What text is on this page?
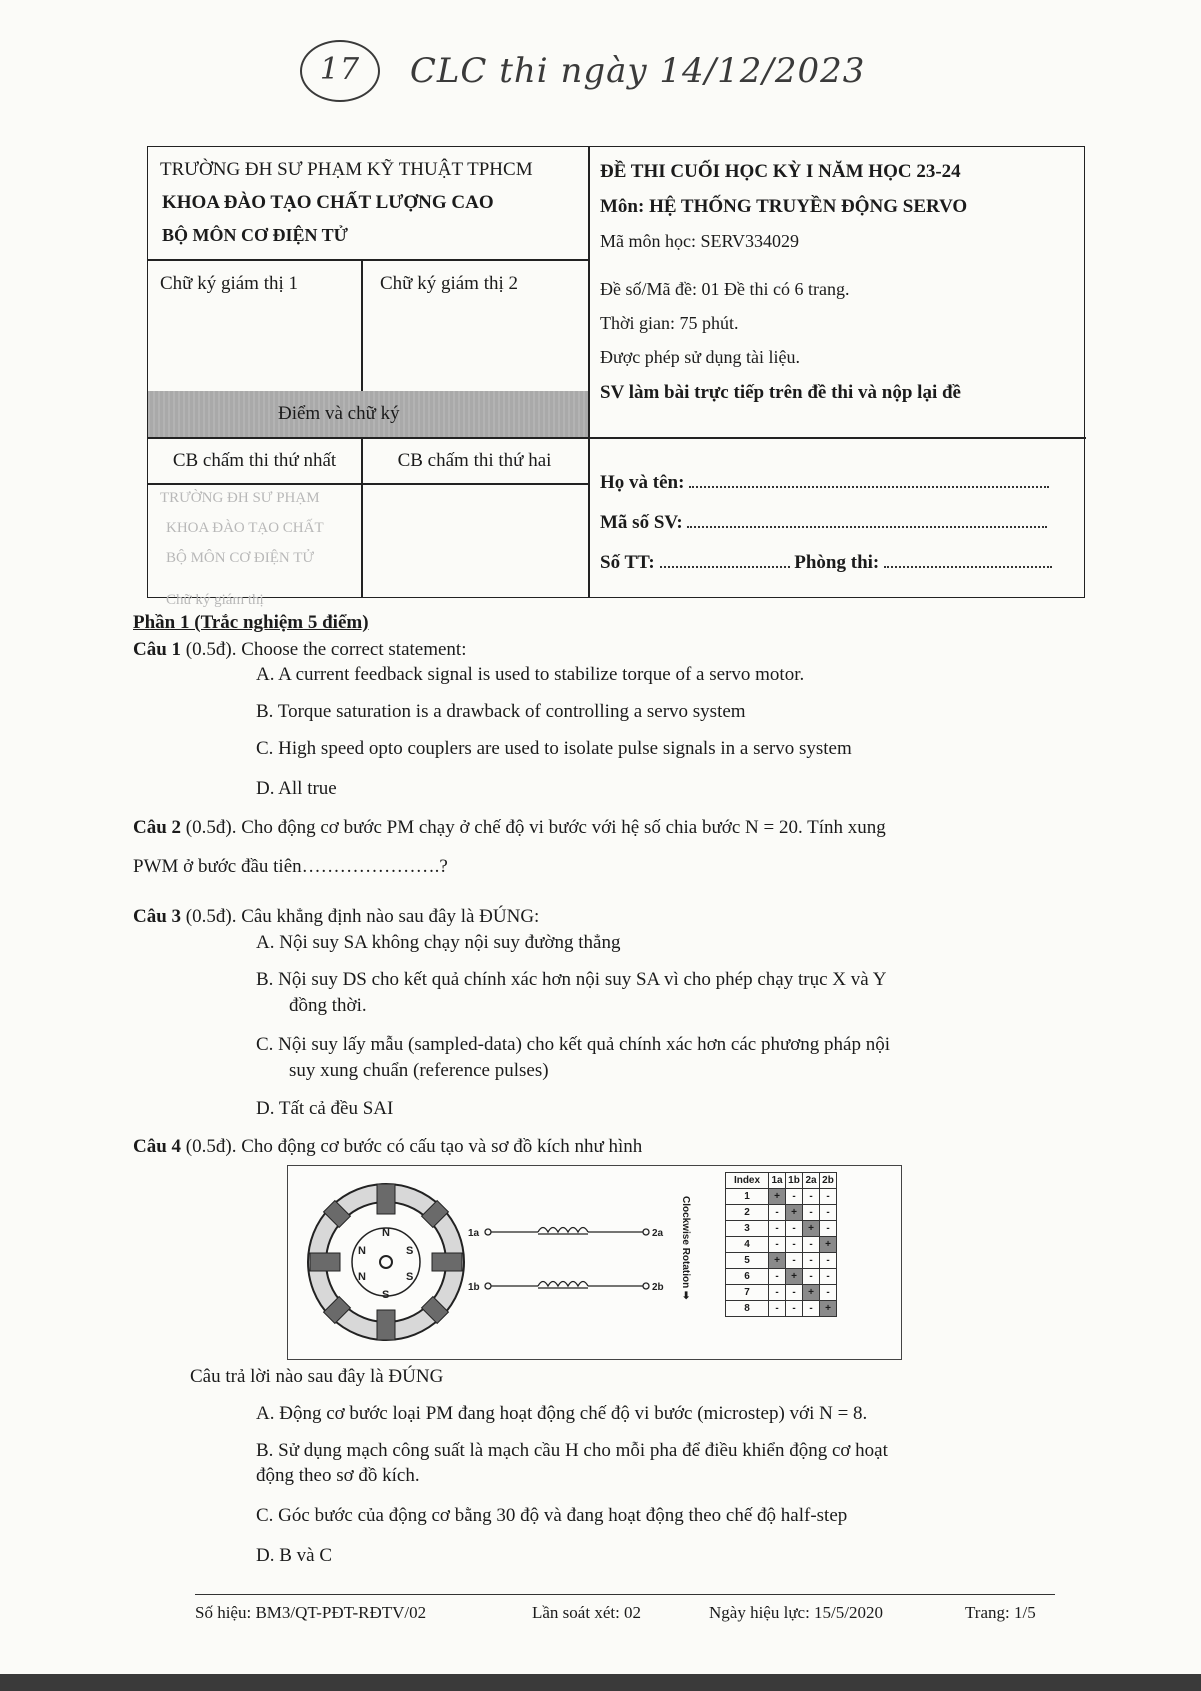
17 CLC thi ngày 14/12/2023
TRƯỜNG ĐH SƯ PHẠM KỸ THUẬT TPHCM
KHOA ĐÀO TẠO CHẤT LƯỢNG CAO
BỘ MÔN CƠ ĐIỆN TỬ
Chữ ký giám thị 1	Chữ ký giám thị 2
Điểm và chữ ký
CB chấm thi thứ nhất	CB chấm thi thứ hai
TRƯỜNG ĐH SƯ PHẠM
KHOA ĐÀO TẠO CHẤT
BỘ MÔN CƠ ĐIỆN TỬ
Chữ ký giám thị
ĐỀ THI CUỐI HỌC KỲ I NĂM HỌC 23-24
Môn: HỆ THỐNG TRUYỀN ĐỘNG SERVO
Mã môn học: SERV334029
Đề số/Mã đề: 01 Đề thi có 6 trang.
Thời gian: 75 phút.
Được phép sử dụng tài liệu.
SV làm bài trực tiếp trên đề thi và nộp lại đề
Họ và tên:
Mã số SV:
Số TT:	Phòng thi:
Phần 1 (Trắc nghiệm 5 điểm)
Câu 1 (0.5đ). Choose the correct statement:
A. A current feedback signal is used to stabilize torque of a servo motor.
B. Torque saturation is a drawback of controlling a servo system
C. High speed opto couplers are used to isolate pulse signals in a servo system
D. All true
Câu 2 (0.5đ). Cho động cơ bước PM chạy ở chế độ vi bước với hệ số chia bước N = 20. Tính xung
PWM ở bước đầu tiên………………….?
Câu 3 (0.5đ). Câu khẳng định nào sau đây là ĐÚNG:
A. Nội suy SA không chạy nội suy đường thẳng
B. Nội suy DS cho kết quả chính xác hơn nội suy SA vì cho phép chạy trục X và Y
đồng thời.
C. Nội suy lấy mẫu (sampled-data) cho kết quả chính xác hơn các phương pháp nội
suy xung chuẩn (reference pulses)
D. Tất cả đều SAI
Câu 4 (0.5đ). Cho động cơ bước có cấu tạo và sơ đồ kích như hình
N
S
N	S
N	S
1a	2a
1b	2b Clockwise Rotation ➡
Index	1a	1b	2a	2b
1	+	-	-	-
2	-	+	-	-
3	-	-	+	-
4	-	-	-	+
5	+	-	-	-
6	-	+	-	-
7	-	-	+	-
8	-	-	-	+
Câu trả lời nào sau đây là ĐÚNG
A. Động cơ bước loại PM đang hoạt động chế độ vi bước (microstep) với N = 8.
B. Sử dụng mạch công suất là mạch cầu H cho mỗi pha để điều khiển động cơ hoạt
động theo sơ đồ kích.
C. Góc bước của động cơ bằng 30 độ và đang hoạt động theo chế độ half-step
D. B và C
Số hiệu: BM3/QT-PĐT-RĐTV/02	Lần soát xét: 02	Ngày hiệu lực: 15/5/2020	Trang: 1/5
